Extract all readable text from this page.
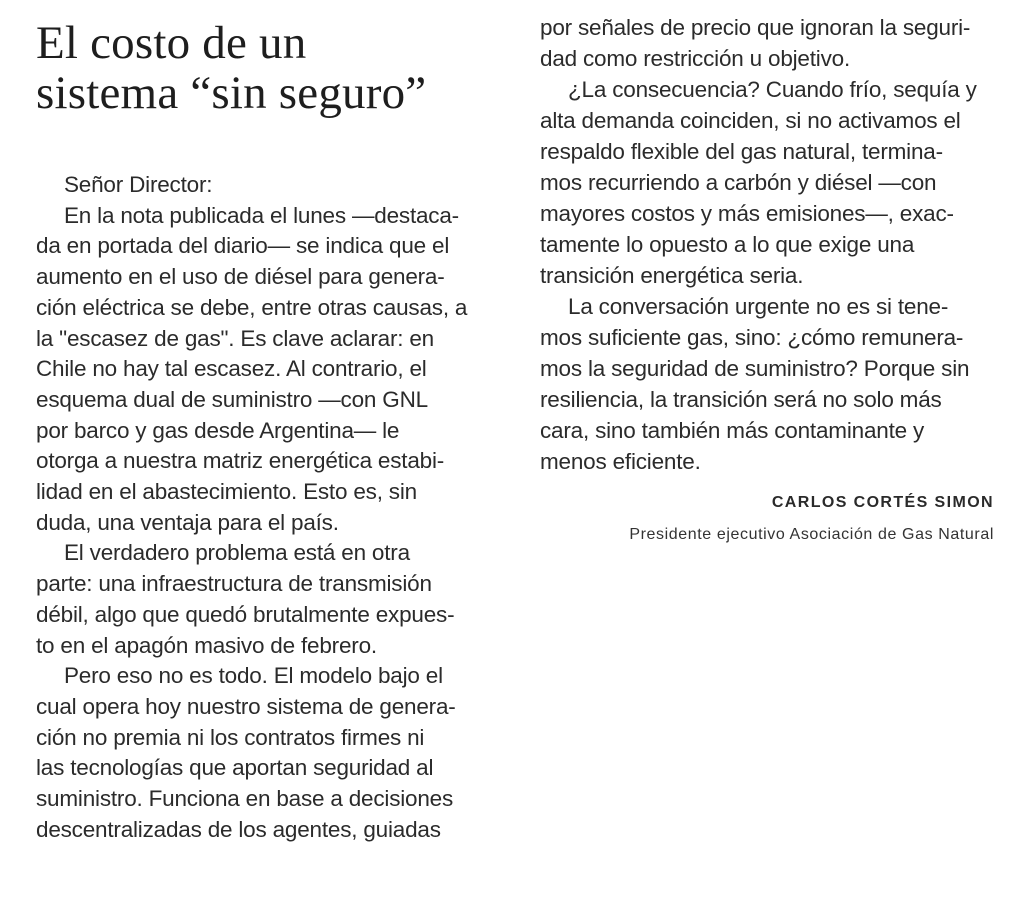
El costo de un
sistema “sin seguro”
Señor Director:
En la nota publicada el lunes —destaca-
da en portada del diario— se indica que el
aumento en el uso de diésel para genera-
ción eléctrica se debe, entre otras causas, a
la "escasez de gas". Es clave aclarar: en
Chile no hay tal escasez. Al contrario, el
esquema dual de suministro —con GNL
por barco y gas desde Argentina— le
otorga a nuestra matriz energética estabi-
lidad en el abastecimiento. Esto es, sin
duda, una ventaja para el país.
El verdadero problema está en otra
parte: una infraestructura de transmisión
débil, algo que quedó brutalmente expues-
to en el apagón masivo de febrero.
Pero eso no es todo. El modelo bajo el
cual opera hoy nuestro sistema de genera-
ción no premia ni los contratos firmes ni
las tecnologías que aportan seguridad al
suministro. Funciona en base a decisiones
descentralizadas de los agentes, guiadas
por señales de precio que ignoran la seguri-
dad como restricción u objetivo.
¿La consecuencia? Cuando frío, sequía y
alta demanda coinciden, si no activamos el
respaldo flexible del gas natural, termina-
mos recurriendo a carbón y diésel —con
mayores costos y más emisiones—, exac-
tamente lo opuesto a lo que exige una
transición energética seria.
La conversación urgente no es si tene-
mos suficiente gas, sino: ¿cómo remunera-
mos la seguridad de suministro? Porque sin
resiliencia, la transición será no solo más
cara, sino también más contaminante y
menos eficiente.
CARLOS CORTÉS SIMON
Presidente ejecutivo Asociación de Gas Natural
